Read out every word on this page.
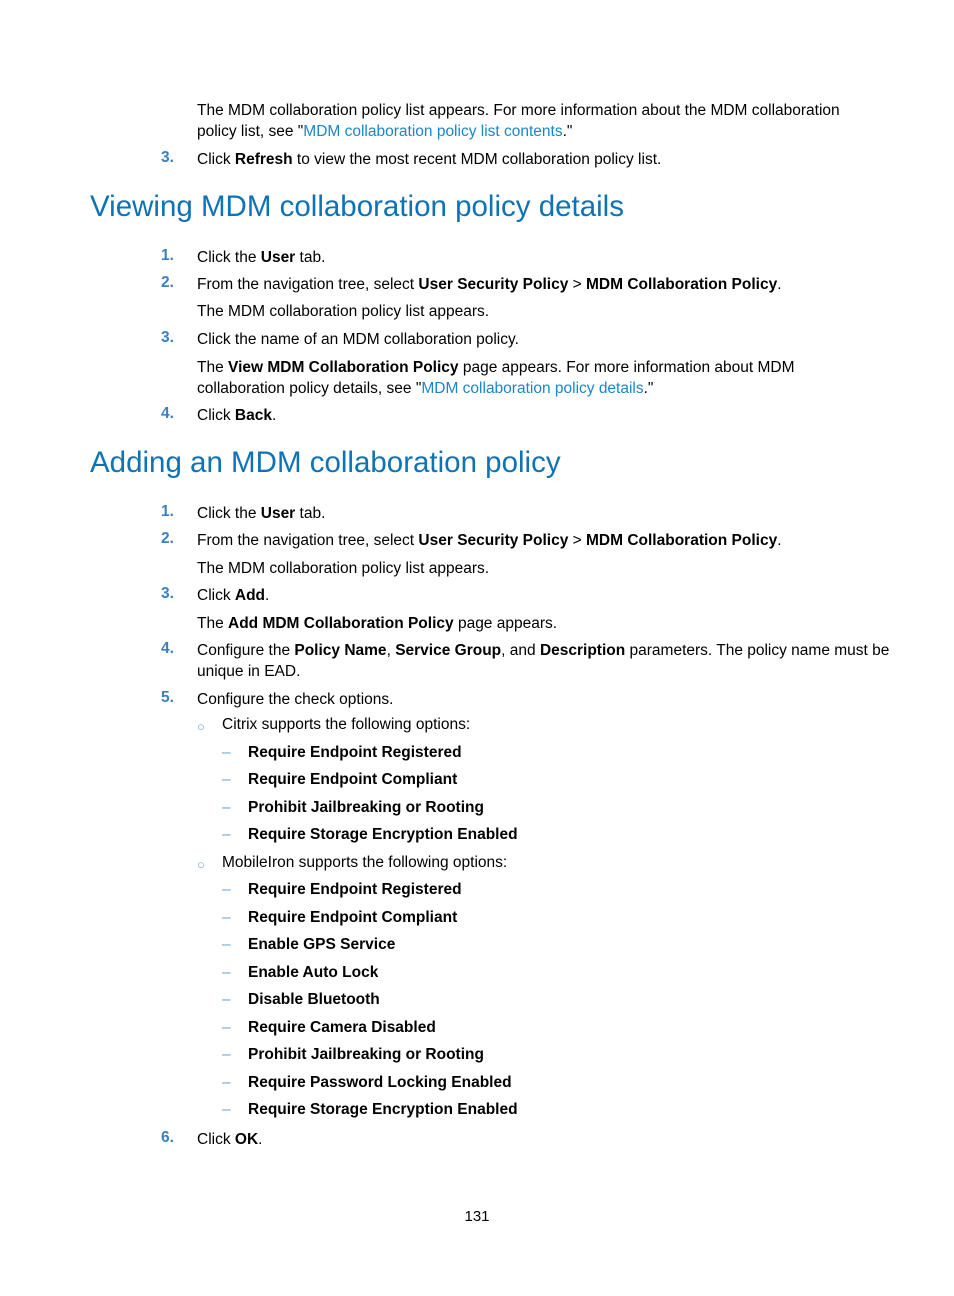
The MDM collaboration policy list appears. For more information about the MDM collaboration
policy list, see "MDM collaboration policy list contents."
3. Click Refresh to view the most recent MDM collaboration policy list.
Viewing MDM collaboration policy details
1. Click the User tab.
2. From the navigation tree, select User Security Policy > MDM Collaboration Policy.
The MDM collaboration policy list appears.
3. Click the name of an MDM collaboration policy.
The View MDM Collaboration Policy page appears. For more information about MDM
collaboration policy details, see "MDM collaboration policy details."
4. Click Back.
Adding an MDM collaboration policy
1. Click the User tab.
2. From the navigation tree, select User Security Policy > MDM Collaboration Policy.
The MDM collaboration policy list appears.
3. Click Add.
The Add MDM Collaboration Policy page appears.
4. Configure the Policy Name, Service Group, and Description parameters. The policy name must be
unique in EAD.
5. Configure the check options.
○ Citrix supports the following options:
– Require Endpoint Registered
– Require Endpoint Compliant
– Prohibit Jailbreaking or Rooting
– Require Storage Encryption Enabled
○ MobileIron supports the following options:
– Require Endpoint Registered
– Require Endpoint Compliant
– Enable GPS Service
– Enable Auto Lock
– Disable Bluetooth
– Require Camera Disabled
– Prohibit Jailbreaking or Rooting
– Require Password Locking Enabled
– Require Storage Encryption Enabled
6. Click OK.
131
